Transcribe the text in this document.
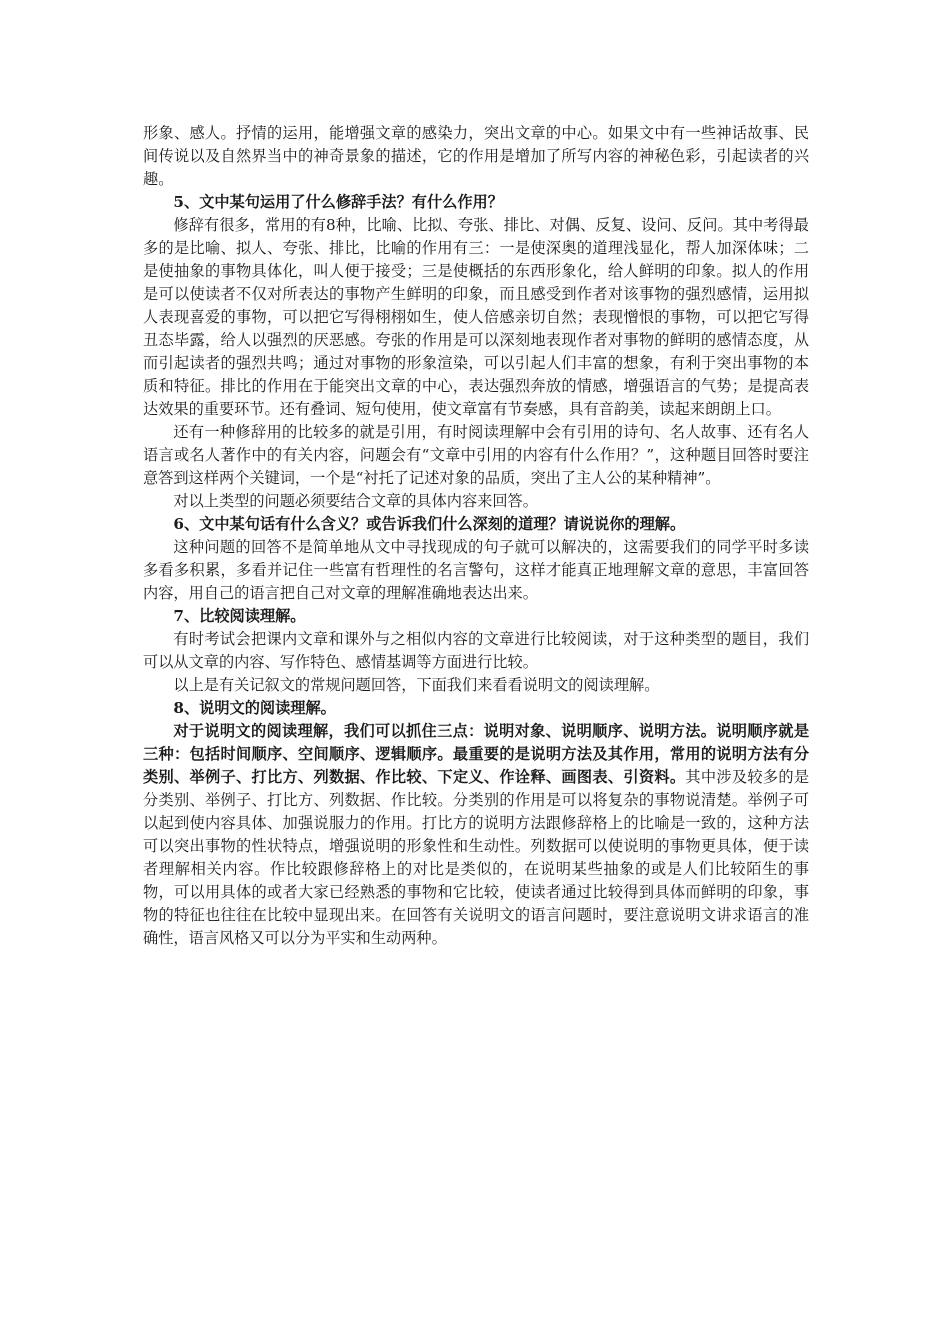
形象、感人。抒情的运用，能增强文章的感染力，突出文章的中心。如果文中有一些神话故事、民间传说以及自然界当中的神奇景象的描述，它的作用是增加了所写内容的神秘色彩，引起读者的兴趣。

5、文中某句运用了什么修辞手法？有什么作用？

修辞有很多，常用的有8种，比喻、比拟、夸张、排比、对偶、反复、设问、反问。其中考得最多的是比喻、拟人、夸张、排比，比喻的作用有三：一是使深奥的道理浅显化，帮人加深体味；二是使抽象的事物具体化，叫人便于接受；三是使概括的东西形象化，给人鲜明的印象。拟人的作用是可以使读者不仅对所表达的事物产生鲜明的印象，而且感受到作者对该事物的强烈感情，运用拟人表现喜爱的事物，可以把它写得栩栩如生，使人倍感亲切自然；表现憎恨的事物，可以把它写得丑态毕露，给人以强烈的厌恶感。夸张的作用是可以深刻地表现作者对事物的鲜明的感情态度，从而引起读者的强烈共鸣；通过对事物的形象渲染，可以引起人们丰富的想象，有利于突出事物的本质和特征。排比的作用在于能突出文章的中心，表达强烈奔放的情感，增强语言的气势；是提高表达效果的重要环节。还有叠词、短句使用，使文章富有节奏感，具有音韵美，读起来朗朗上口。

还有一种修辞用的比较多的就是引用，有时阅读理解中会有引用的诗句、名人故事、还有名人语言或名人著作中的有关内容，问题会有“文章中引用的内容有什么作用？”，这种题目回答时要注意答到这样两个关键词，一个是“衬托了记述对象的品质，突出了主人公的某种精神”。

对以上类型的问题必须要结合文章的具体内容来回答。

6、文中某句话有什么含义？或告诉我们什么深刻的道理？请说说你的理解。

这种问题的回答不是简单地从文中寻找现成的句子就可以解决的，这需要我们的同学平时多读多看多积累，多看并记住一些富有哲理性的名言警句，这样才能真正地理解文章的意思，丰富回答内容，用自己的语言把自己对文章的理解准确地表达出来。

7、比较阅读理解。

有时考试会把课内文章和课外与之相似内容的文章进行比较阅读，对于这种类型的题目，我们可以从文章的内容、写作特色、感情基调等方面进行比较。

以上是有关记叙文的常规问题回答，下面我们来看看说明文的阅读理解。

8、说明文的阅读理解。

对于说明文的阅读理解，我们可以抓住三点：说明对象、说明顺序、说明方法。说明顺序就是三种：包括时间顺序、空间顺序、逻辑顺序。最重要的是说明方法及其作用，常用的说明方法有分类别、举例子、打比方、列数据、作比较、下定义、作诠释、画图表、引资料。其中涉及较多的是分类别、举例子、打比方、列数据、作比较。分类别的作用是可以将复杂的事物说清楚。举例子可以起到使内容具体、加强说服力的作用。打比方的说明方法跟修辞格上的比喻是一致的，这种方法可以突出事物的性状特点，增强说明的形象性和生动性。列数据可以使说明的事物更具体，便于读者理解相关内容。作比较跟修辞格上的对比是类似的，在说明某些抽象的或是人们比较陌生的事物，可以用具体的或者大家已经熟悉的事物和它比较，使读者通过比较得到具体而鲜明的印象，事物的特征也往往在比较中显现出来。在回答有关说明文的语言问题时，要注意说明文讲求语言的准确性，语言风格又可以分为平实和生动两种。
